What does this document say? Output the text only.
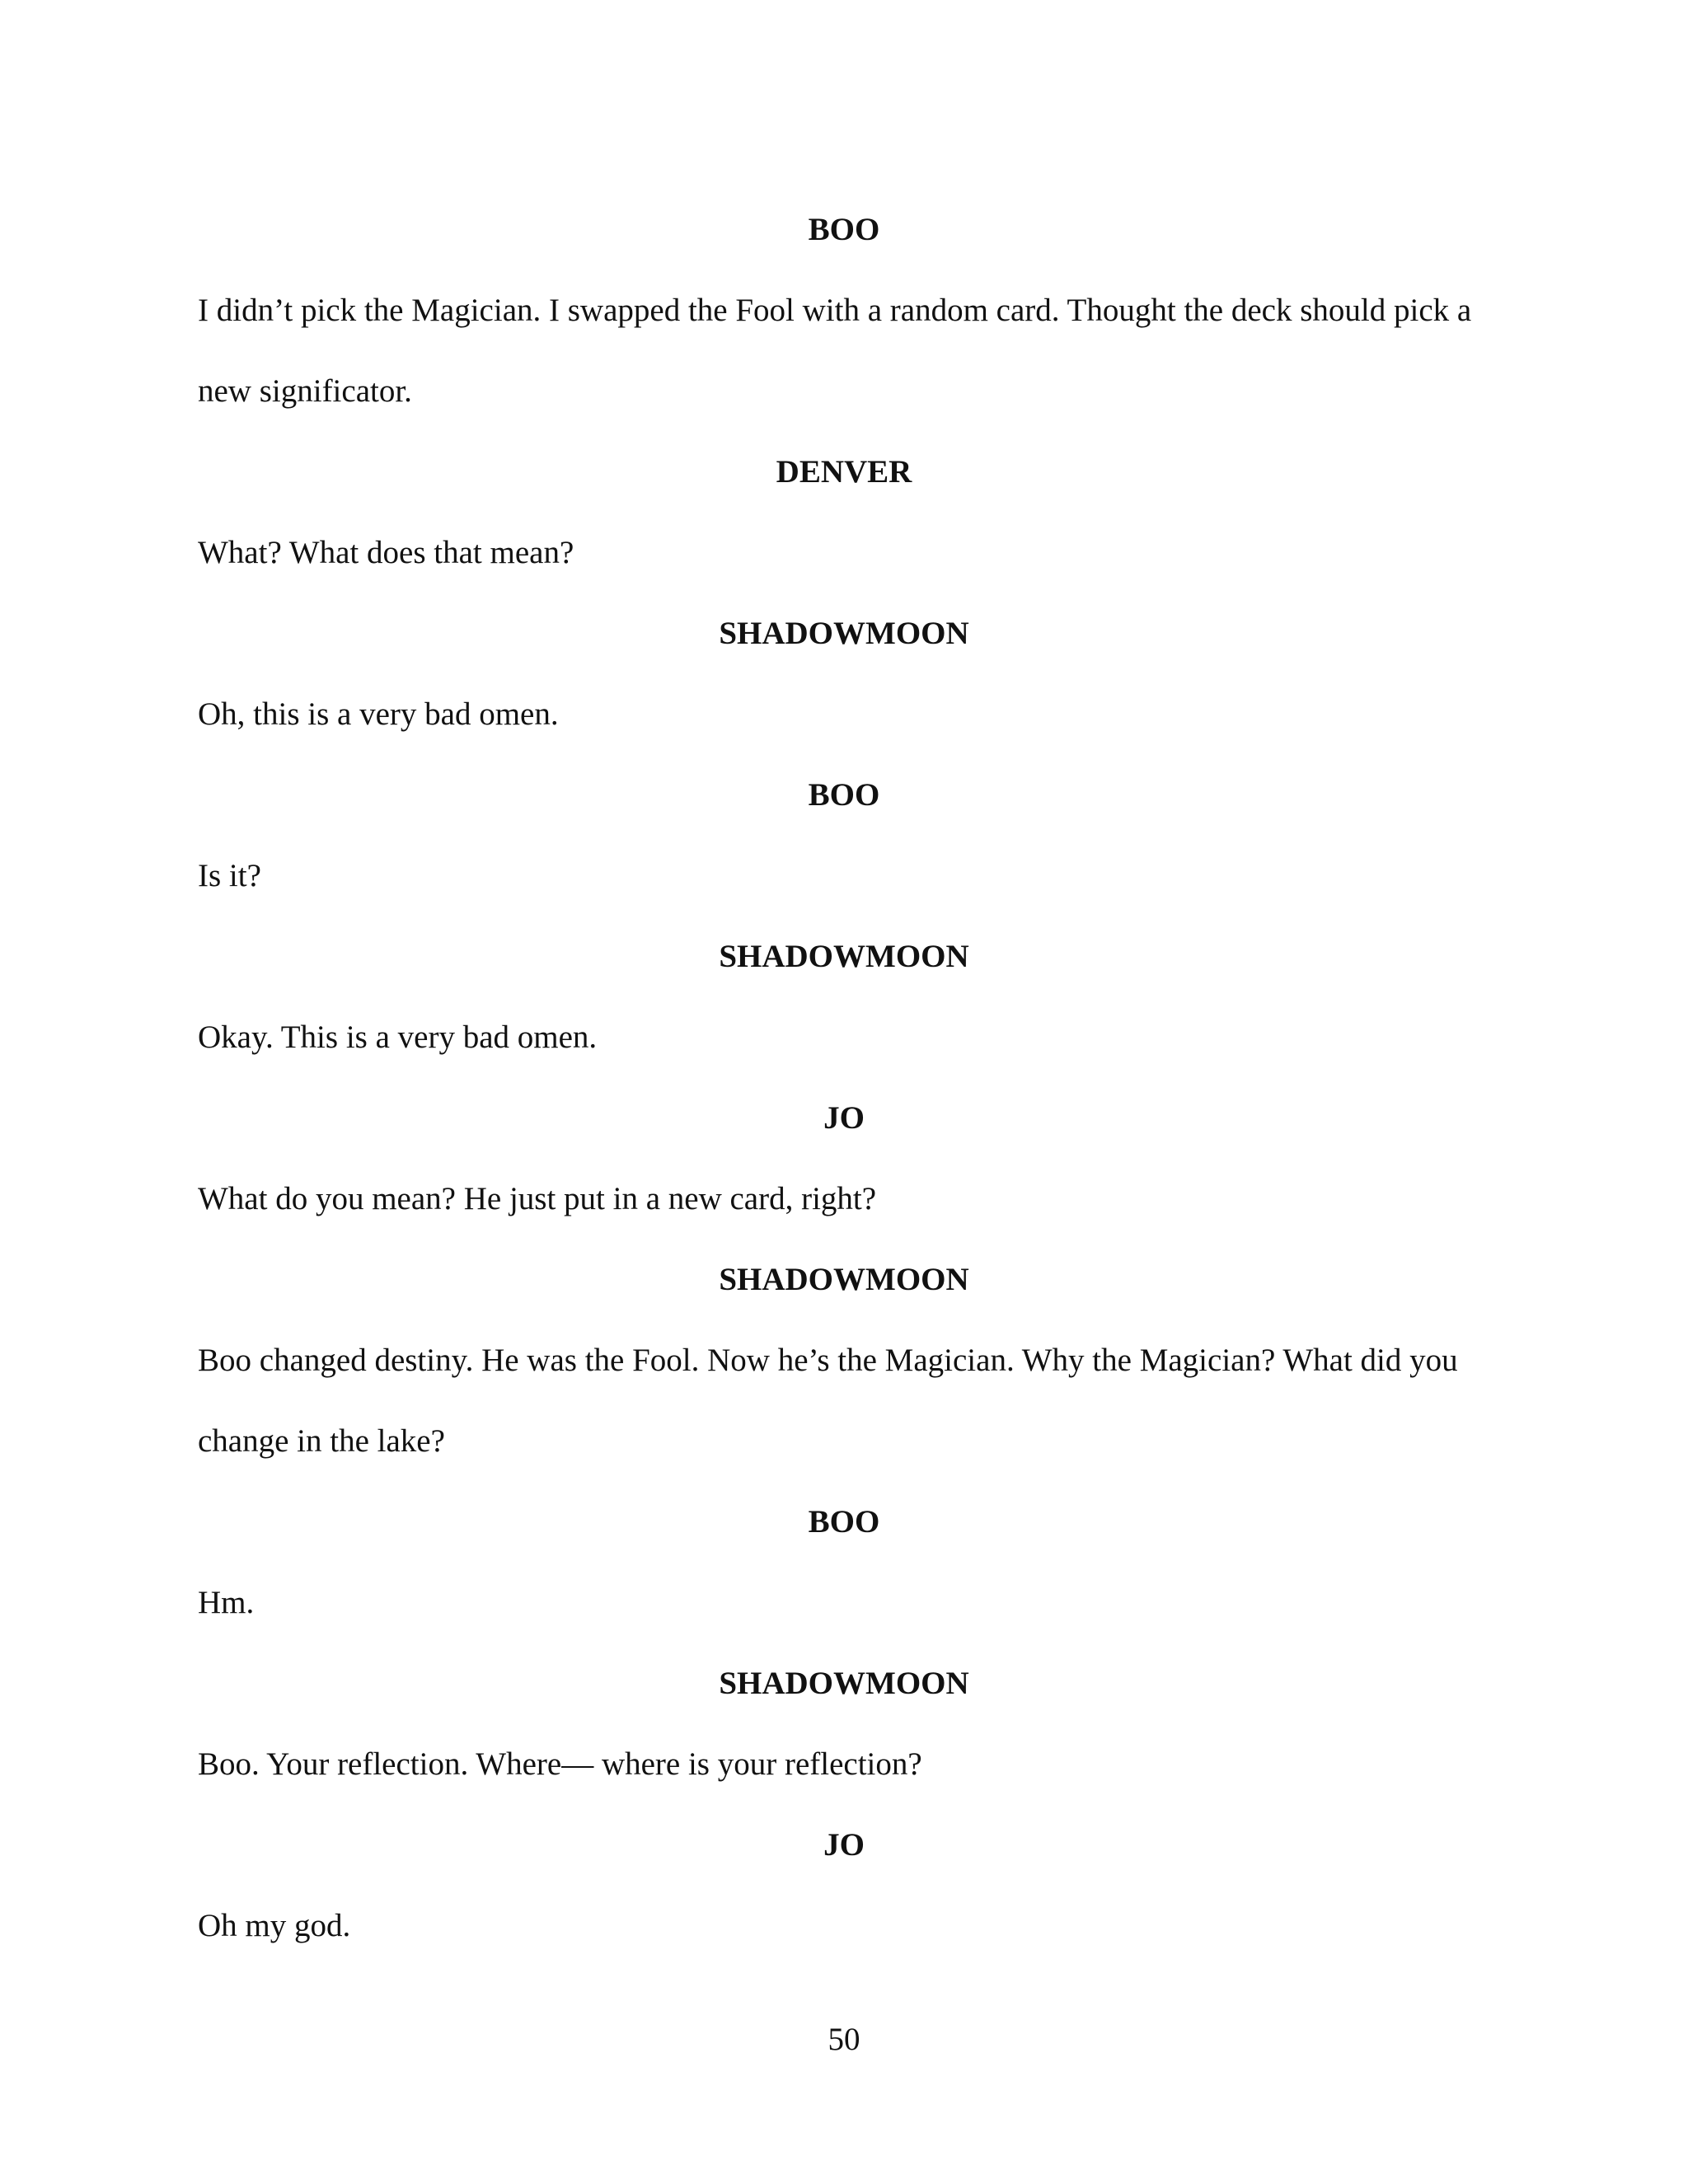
BOO

I didn’t pick the Magician. I swapped the Fool with a random card. Thought the deck should pick a new significator.

DENVER

What? What does that mean?

SHADOWMOON

Oh, this is a very bad omen.

BOO

Is it?

SHADOWMOON

Okay. This is a very bad omen.

JO

What do you mean? He just put in a new card, right?

SHADOWMOON

Boo changed destiny. He was the Fool. Now he’s the Magician. Why the Magician? What did you change in the lake?

BOO

Hm.

SHADOWMOON

Boo. Your reflection. Where— where is your reflection?

JO

Oh my god.

50
